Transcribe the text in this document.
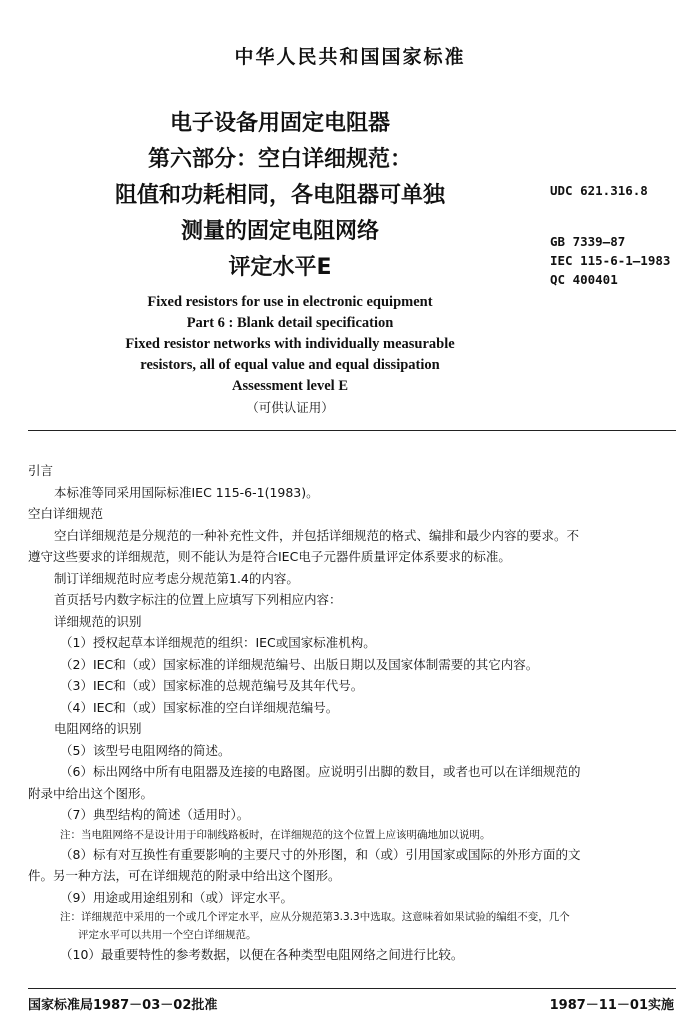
中华人民共和国国家标准
电子设备用固定电阻器
第六部分：空白详细规范：
阻值和功耗相同，各电阻器可单独
测量的固定电阻网络
评定水平E
UDC 621.316.8
GB 7339—87
IEC 115-6-1—1983
QC 400401
Fixed resistors for use in electronic equipment
Part 6 : Blank detail specification
Fixed resistor networks with individually measurable
resistors, all of equal value and equal dissipation
Assessment level E
（可供认证用）

引言

本标准等同采用国际标准IEC 115-6-1(1983)。

空白详细规范

空白详细规范是分规范的一种补充性文件，并包括详细规范的格式、编排和最少内容的要求。不

遵守这些要求的详细规范，则不能认为是符合IEC电子元器件质量评定体系要求的标准。

制订详细规范时应考虑分规范第1.4的内容。

首页括号内数字标注的位置上应填写下列相应内容：

详细规范的识别

（1）授权起草本详细规范的组织：IEC或国家标准机构。

（2）IEC和（或）国家标准的详细规范编号、出版日期以及国家体制需要的其它内容。

（3）IEC和（或）国家标准的总规范编号及其年代号。

（4）IEC和（或）国家标准的空白详细规范编号。

电阻网络的识别

（5）该型号电阻网络的简述。

（6）标出网络中所有电阻器及连接的电路图。应说明引出脚的数目，或者也可以在详细规范的

附录中给出这个图形。

（7）典型结构的简述（适用时）。

注：当电阻网络不是设计用于印制线路板时，在详细规范的这个位置上应该明确地加以说明。

（8）标有对互换性有重要影响的主要尺寸的外形图，和（或）引用国家或国际的外形方面的文

件。另一种方法，可在详细规范的附录中给出这个图形。

（9）用途或用途组别和（或）评定水平。

注：详细规范中采用的一个或几个评定水平，应从分规范第3.3.3中选取。这意味着如果试验的编组不变，几个

评定水平可以共用一个空白详细规范。

（10）最重要特性的参考数据，以便在各种类型电阻网络之间进行比较。

国家标准局1987－03－02批准	1987－11－01实施
